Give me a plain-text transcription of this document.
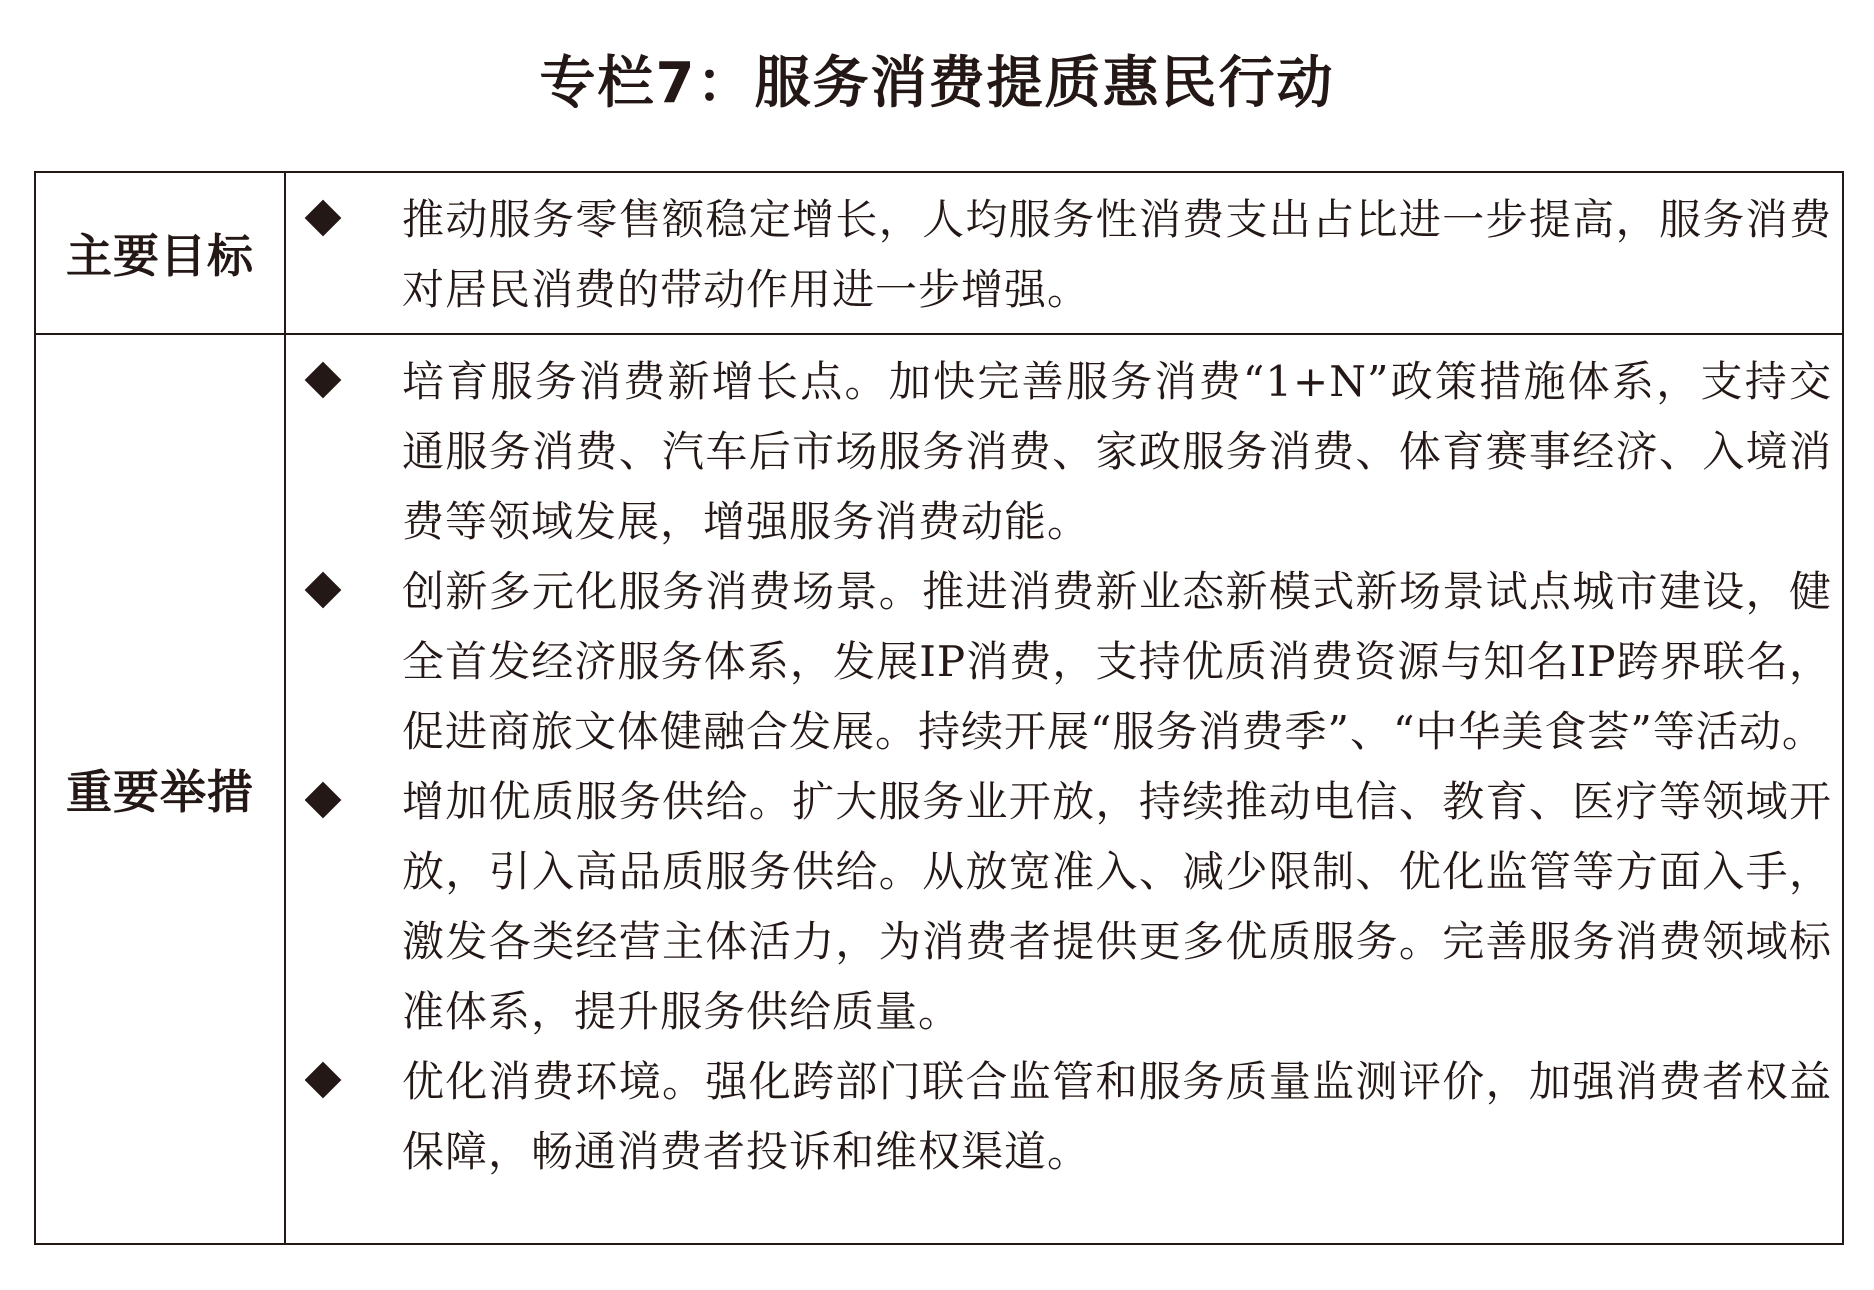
专栏7：服务消费提质惠民行动
主要目标	推动服务零售额稳定增长，人均服务性消费支出占比进一步提高，服务消费对居民消费的带动作用进一步增强。

重要举措	培育服务消费新增长点。加快完善服务消费“1+N”政策措施体系，支持交通服务消费、汽车后市场服务消费、家政服务消费、体育赛事经济、入境消费等领域发展，增强服务消费动能。
创新多元化服务消费场景。推进消费新业态新模式新场景试点城市建设，健全首发经济服务体系，发展IP消费，支持优质消费资源与知名IP跨界联名，促进商旅文体健融合发展。持续开展“服务消费季”、“中华美食荟”等活动。
增加优质服务供给。扩大服务业开放，持续推动电信、教育、医疗等领域开放，引入高品质服务供给。从放宽准入、减少限制、优化监管等方面入手，激发各类经营主体活力，为消费者提供更多优质服务。完善服务消费领域标准体系，提升服务供给质量。
优化消费环境。强化跨部门联合监管和服务质量监测评价，加强消费者权益保障，畅通消费者投诉和维权渠道。
